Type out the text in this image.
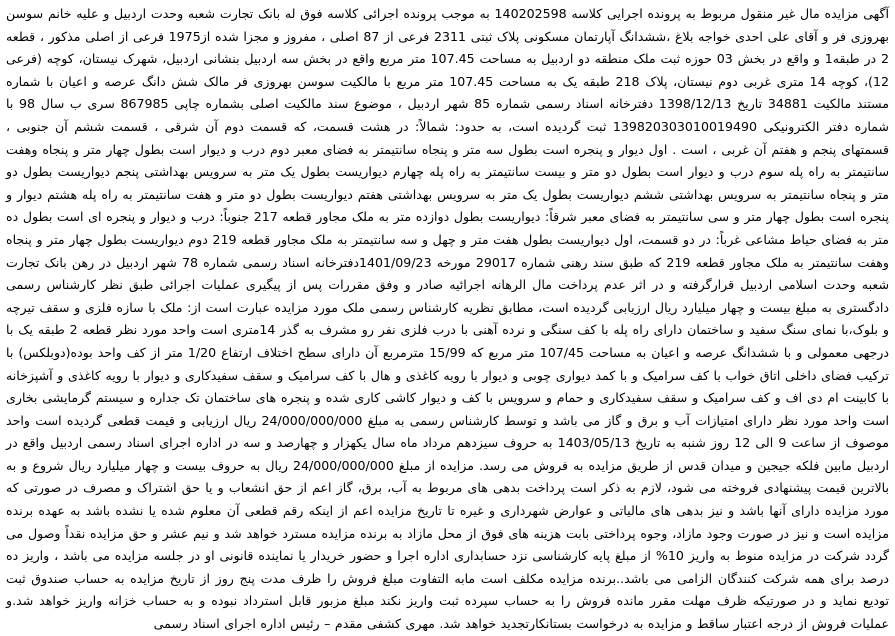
آگهی مزایده مال غیر منقول مربوط به پرونده اجرایی کلاسه 140202598 به موجب پرونده اجرائی کلاسه فوق له بانک تجارت شعبه وحدت اردبیل و علیه خانم سوسن بهروزی فر و آقای علی احدی خواجه بلاغ ،ششدانگ آپارتمان مسکونی پلاک ثبتی 2311 فرعی از 87 اصلی ، مفروز و مجزا شده از1975 فرعی از اصلی مذکور ، قطعه 2 در طبقه1 و واقع در بخش 03 حوزه ثبت ملک منطقه دو اردبیل به مساحت 107.45 متر مربع واقع در بخش سه اردبیل بنشانی اردبیل، شهرک نیستان، کوچه (فرعی 12)، کوچه 14 متری غربی دوم نیستان، پلاک 218 طبقه یک به مساحت 107.45 متر مربع با مالکیت سوسن بهروزی فر مالک شش دانگ عرصه و اعیان با شماره مستند مالکیت 34881 تاریخ 1398/12/13 دفترخانه اسناد رسمی شماره 85 شهر اردبیل ، موضوع سند مالکیت اصلی بشماره چاپی 867985 سری ب سال 98 با شماره دفتر الکترونیکی 139820303010019490 ثبت گردیده است، به حدود: شمالاً: در هشت قسمت، که قسمت دوم آن شرقی ، قسمت ششم آن جنوبی ، قسمتهای پنجم و هفتم آن غربی ، است . اول دیوار و پنجره است بطول سه متر و پنجاه سانتیمتر به فضای معبر دوم درب و دیوار است بطول چهار متر و پنجاه وهفت سانتیمتر به راه پله سوم درب و دیوار است بطول دو متر و بیست سانتیمتر به راه پله چهارم دیواریست بطول یک متر به سرویس بهداشتی پنجم دیواریست بطول دو متر و پنجاه سانتیمتر به سرویس بهداشتی ششم دیواریست بطول یک متر به سرویس بهداشتی هفتم دیواریست بطول دو متر و هفت سانتیمتر به راه پله هشتم دیوار و پنجره است بطول چهار متر و سی سانتیمتر به فضای معبر شرقاً: دیواریست بطول دوازده متر به ملک مجاور قطعه 217 جنوباً: درب و دیوار و پنجره ای است بطول ده متر به فضای حیاط مشاعی غرباً: در دو قسمت، اول دیواریست بطول هفت متر و چهل و سه سانتیمتر به ملک مجاور قطعه 219 دوم دیواریست بطول چهار متر و پنجاه وهفت سانتیمتر به ملک مجاور قطعه 219 که طبق سند رهنی شماره 29017 مورخه 1401/09/23دفترخانه اسناد رسمی شماره 78 شهر اردبیل در رهن بانک تجارت شعبه وحدت اسلامی اردبیل قرارگرفته و در اثر عدم پرداخت مال الرهانه اجرائیه صادر و وفق مقررات پس از پیگیری عملیات اجرائی طبق نظر کارشناس رسمی دادگستری به مبلغ بیست و چهار میلیارد ریال ارزیابی گردیده است، مطابق نظریه کارشناس رسمی ملک مورد مزایده عبارت است از: ملک با سازه فلزی و سقف تیرچه و بلوک،با نمای سنگ سفید و ساختمان دارای راه پله با کف سنگی و نرده آهنی با درب فلزی نفر رو مشرف به گذر 14متری است واحد مورد نظر قطعه 2 طبقه یک با درجهی معمولی و با ششدانگ عرصه و اعیان به مساحت 107/45 متر مربع که 15/99 مترمربع آن دارای سطح اختلاف ارتفاع 1/20 متر از کف واحد بوده(دوبلکس) با ترکیب فضای داخلی اتاق خواب با کف سرامیک و با کمد دیواری چوبی و دیوار با رویه کاغذی و هال با کف سرامیک و سقف سفیدکاری و دیوار با رویه کاغذی و آشپزخانه با کابینت ام دی اف و کف سرامیک و سقف سفیدکاری و حمام و سرویس با کف و دیوار کاشی کاری شده و پنجره های ساختمان تک جداره و سیستم گرمایشی بخاری است واحد مورد نظر دارای امتیازات آب و برق و گاز می باشد و توسط کارشناس رسمی به مبلغ 24/000/000/000 ریال ارزیابی و قیمت قطعی گردیده است واحد موصوف از ساعت 9 الی 12 روز شنبه به تاریخ 1403/05/13 به حروف سیزدهم مرداد ماه سال یکهزار و چهارصد و سه در اداره اجرای اسناد رسمی اردبیل واقع در اردبیل مابین فلکه جیجین و میدان قدس از طریق مزایده به فروش می رسد. مزایده از مبلغ 24/000/000/000 ریال به حروف بیست و چهار میلیارد ریال شروع و به بالاترین قیمت پیشنهادی فروخته می شود، لازم به ذکر است پرداخت بدهی های مربوط به آب، برق، گاز اعم از حق انشعاب و یا حق اشتراک و مصرف در صورتی که مورد مزایده دارای آنها باشد و نیز بدهی های مالیاتی و عوارض شهرداری و غیره تا تاریخ مزایده اعم از اینکه رقم قطعی آن معلوم شده یا نشده باشد به عهده برنده مزایده است و نیز در صورت وجود مازاد، وجوه پرداختی بابت هزینه های فوق از محل مازاد به برنده مزایده مسترد خواهد شد و نیم عشر و حق مزایده نقداً وصول می گردد شرکت در مزایده منوط به واریز 10% از مبلغ پایه کارشناسی نزد حسابداری اداره اجرا و حضور خریدار یا نماینده قانونی او در جلسه مزایده می باشد ، واریز ده درصد برای همه شرکت کنندگان الزامی می باشد..برنده مزایده مکلف است مابه التفاوت مبلغ فروش را ظرف مدت پنج روز از تاریخ مزایده به حساب صندوق ثبت تودیع نماید و در صورتیکه ظرف مهلت مقرر مانده فروش را به حساب سپرده ثبت واریز نکند مبلغ مزبور قابل استرداد نبوده و به حساب خزانه واریز خواهد شد.و عملیات فروش از درجه اعتبار ساقط و مزایده به درخواست بستانکارتجدید خواهد شد. مهری کشفی مقدم – رئیس اداره اجرای اسناد رسمی
